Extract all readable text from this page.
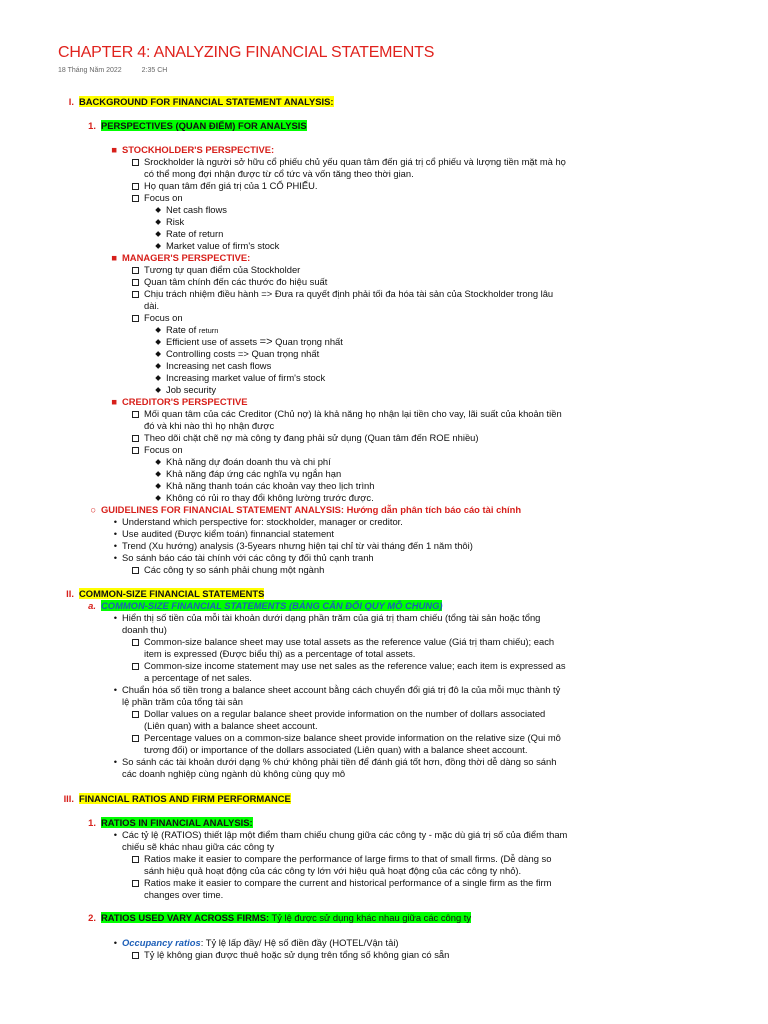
CHAPTER 4: ANALYZING FINANCIAL STATEMENTS
18 Tháng Năm 2022	2:35 CH
I. BACKGROUND FOR FINANCIAL STATEMENT ANALYSIS:
1. PERSPECTIVES (QUAN ĐIỂM) FOR ANALYSIS
■ STOCKHOLDER'S PERSPECTIVE:
Srockholder là người sở hữu cổ phiếu chủ yếu quan tâm đến giá trị cổ phiếu và lượng tiền mặt mà họ
có thể mong đợi nhận được từ cổ tức và vốn tăng theo thời gian.
Họ quan tâm đến giá trị của 1 CỔ PHIẾU.
Focus on
◆ Net cash flows
◆ Risk
◆ Rate of return
◆ Market value of firm's stock
■ MANAGER'S PERSPECTIVE:
Tương tự quan điểm của Stockholder
Quan tâm chính đến các thước đo hiệu suất
Chịu trách nhiệm điều hành => Đưa ra quyết định phải tối đa hóa tài sản của Stockholder trong lâu
dài.
Focus on
◆ Rate of return
◆ Efficient use of assets => Quan trọng nhất
◆ Controlling costs => Quan trọng nhất
◆ Increasing net cash flows
◆ Increasing market value of firm's stock
◆ Job security
■ CREDITOR'S PERSPECTIVE
Mối quan tâm của các Creditor (Chủ nợ) là khả năng họ nhận lại tiền cho vay, lãi suất của khoản tiền
đó và khi nào thì họ nhận được
Theo dõi chặt chẽ nợ mà công ty đang phải sử dụng (Quan tâm đến ROE nhiều)
Focus on
◆ Khả năng dự đoán doanh thu và chi phí
◆ Khả năng đáp ứng các nghĩa vụ ngắn hạn
◆ Khả năng thanh toán các khoản vay theo lịch trình
◆ Không có rủi ro thay đổi không lường trước được.
○ GUIDELINES FOR FINANCIAL STATEMENT ANALYSIS: Hướng dẫn phân tích báo cáo tài chính
• Understand which perspective for: stockholder, manager or creditor.
• Use audited (Được kiểm toán) finnancial statement
• Trend (Xu hướng) analysis (3-5years nhưng hiện tại chỉ từ vài tháng đến 1 năm thôi)
• So sánh báo cáo tài chính với các công ty đối thủ cạnh tranh
Các công ty so sánh phải chung một ngành
II. COMMON-SIZE FINANCIAL STATEMENTS
a. COMMON-SIZE FINANCIAL STATEMENTS (BẢNG CÂN ĐỐI QUY MÔ CHUNG)
• Hiển thị số tiền của mỗi tài khoản dưới dạng phần trăm của giá trị tham chiếu (tổng tài sản hoặc tổng
doanh thu)
Common-size balance sheet may use total assets as the reference value (Giá trị tham chiếu); each
item is expressed (Được biểu thị) as a percentage of total assets.
Common-size income statement may use net sales as the reference value; each item is expressed as
a percentage of net sales.
• Chuẩn hóa số tiền trong a balance sheet account bằng cách chuyển đổi giá trị đô la của mỗi mục thành tỷ
lệ phần trăm của tổng tài sản
Dollar values on a regular balance sheet provide information on the number of dollars associated
(Liên quan) with a balance sheet account.
Percentage values on a common-size balance sheet provide information on the relative size (Qui mô
tương đối) or importance of the dollars associated (Liên quan) with a balance sheet account.
• So sánh các tài khoản dưới dạng % chứ không phải tiền để đánh giá tốt hơn, đồng thời dễ dàng so sánh
các doanh nghiệp cùng ngành dù không cùng quy mô
III. FINANCIAL RATIOS AND FIRM PERFORMANCE
1. RATIOS IN FINANCIAL ANALYSIS:
• Các tỷ lệ (RATIOS) thiết lập một điểm tham chiếu chung giữa các công ty - mặc dù giá trị số của điểm tham
chiếu sẽ khác nhau giữa các công ty
Ratios make it easier to compare the performance of large firms to that of small firms. (Dễ dàng so
sánh hiệu quả hoạt động của các công ty lớn với hiệu quả hoạt động của các công ty nhỏ).
Ratios make it easier to compare the current and historical performance of a single firm as the firm
changes over time.
2. RATIOS USED VARY ACROSS FIRMS: Tỷ lệ được sử dụng khác nhau giữa các công ty
• Occupancy ratios: Tỷ lệ lấp đầy/ Hệ số điền đầy (HOTEL/Vận tải)
Tỷ lệ không gian được thuê hoặc sử dụng trên tổng số không gian có sẵn
